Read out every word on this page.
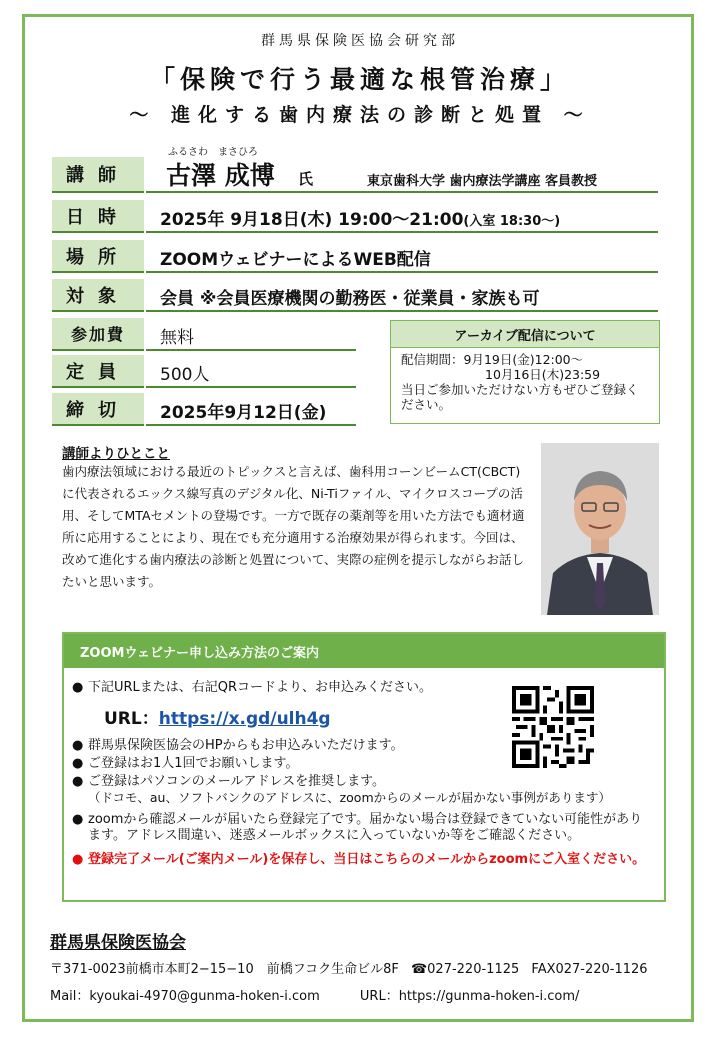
群馬県保険医協会研究部
「保険で行う最適な根管治療」
～ 進化する歯内療法の診断と処置 ～
ふるさわ　まさひろ
講師	古澤 成博 氏	東京歯科大学 歯内療法学講座 客員教授
日時	2025年 9月18日(木) 19:00～21:00(入室 18:30～)
場所	ZOOMウェビナーによるWEB配信
対象	会員 ※会員医療機関の勤務医・従業員・家族も可
参加費	無料
定員	500人
締切	2025年9月12日(金)
アーカイブ配信について
配信期間：9月19日(金)12:00～
10月16日(木)23:59
当日ご参加いただけない方もぜひご登録ください。
講師よりひとこと
歯内療法領域における最近のトピックスと言えば、歯科用コーンビームCT(CBCT)に代表されるエックス線写真のデジタル化、Ni-Tiファイル、マイクロスコープの活用、そしてMTAセメントの登場です。一方で既存の薬剤等を用いた方法でも適材適所に応用することにより、現在でも充分適用する治療効果が得られます。今回は、改めて進化する歯内療法の診断と処置について、実際の症例を提示しながらお話したいと思います。
ZOOMウェビナー申し込み方法のご案内
● 下記URLまたは、右記QRコードより、お申込みください。
URL：https://x.gd/ulh4g
● 群馬県保険医協会のHPからもお申込みいただけます。
● ご登録はお1人1回でお願いします。
● ご登録はパソコンのメールアドレスを推奨します。
（ドコモ、au、ソフトバンクのアドレスに、zoomからのメールが届かない事例があります）
● zoomから確認メールが届いたら登録完了です。届かない場合は登録できていない可能性があります。アドレス間違い、迷惑メールボックスに入っていないか等をご確認ください。
● 登録完了メール(ご案内メール)を保存し、当日はこちらのメールからzoomにご入室ください。
群馬県保険医協会
〒371-0023前橋市本町2−15−10　前橋フコク生命ビル8F ☎027-220-1125 FAX027-220-1126
Mail：kyoukai-4970@gunma-hoken-i.com	URL：https://gunma-hoken-i.com/
